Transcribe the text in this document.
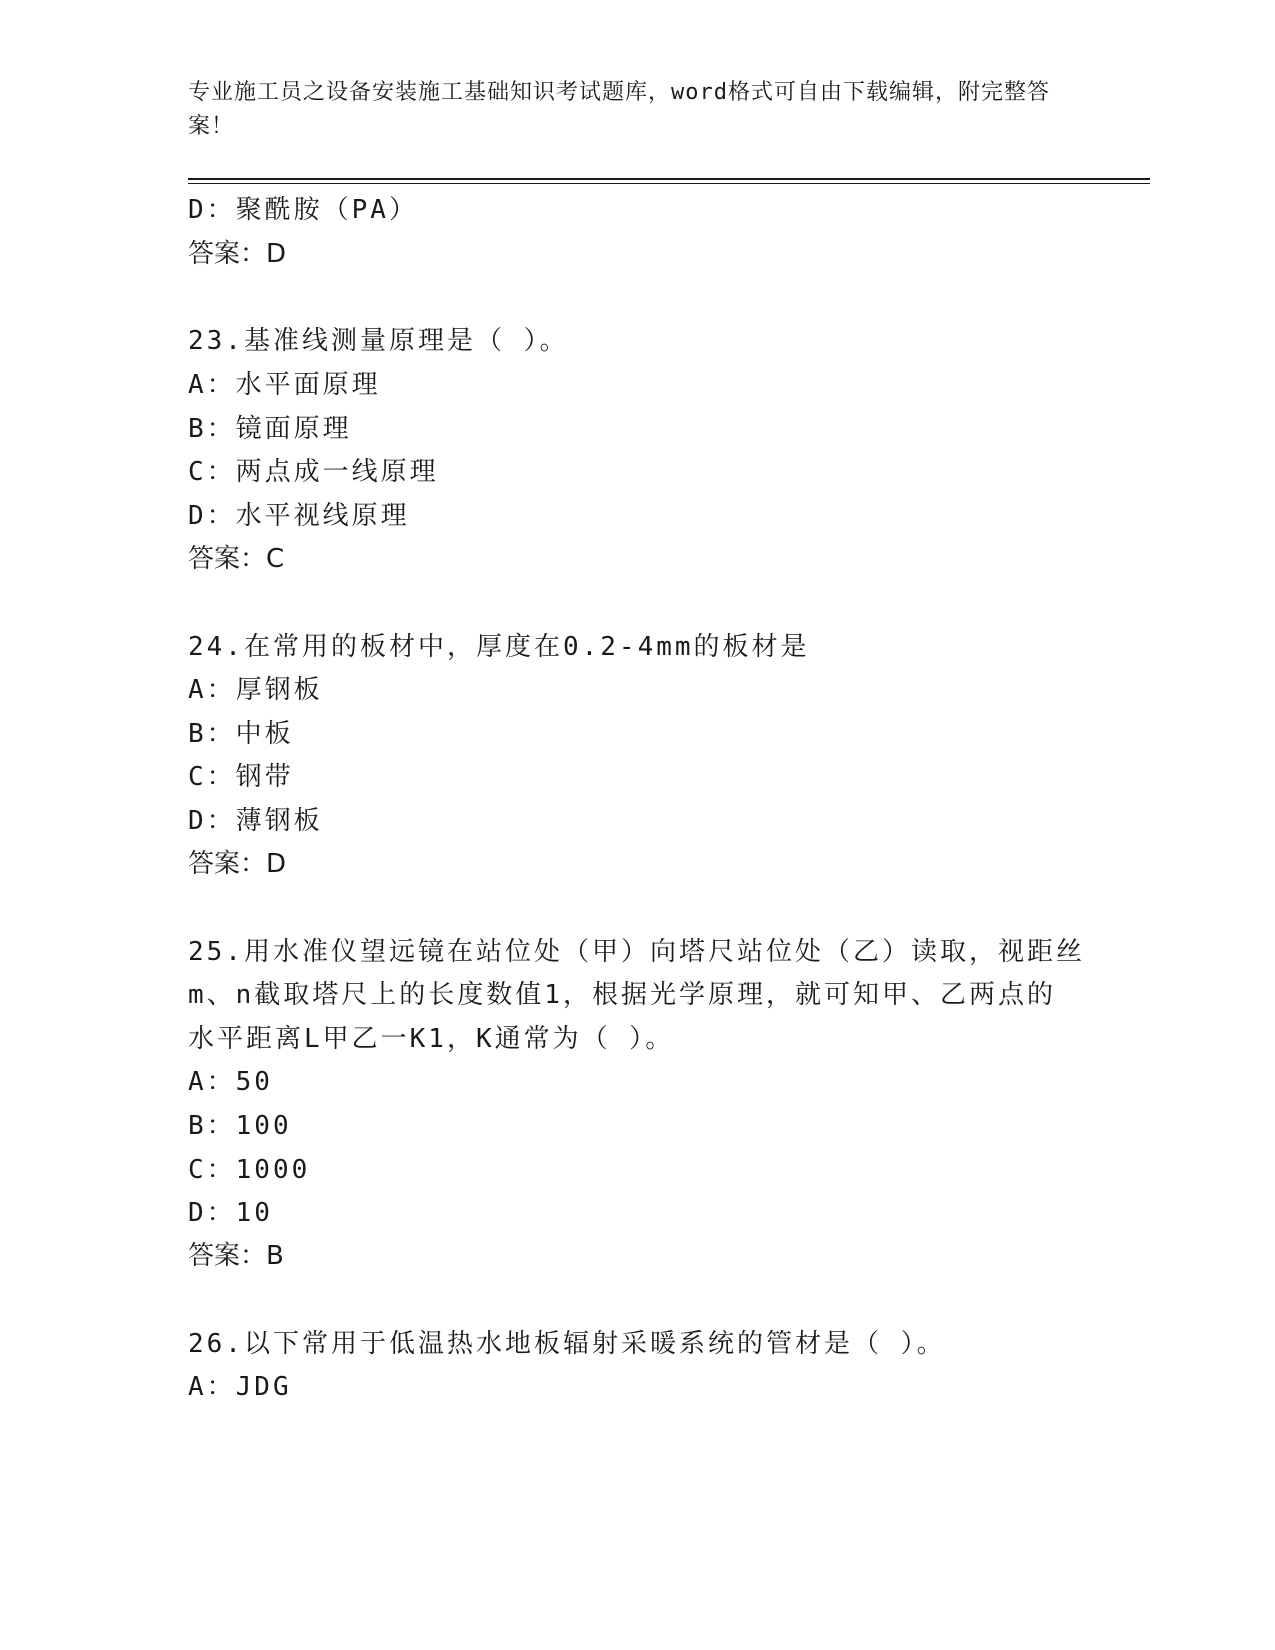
专业施工员之设备安装施工基础知识考试题库，word格式可自由下载编辑，附完整答案！
D：聚酰胺（PA）
答案：D
23.基准线测量原理是（ ）。
A：水平面原理
B：镜面原理
C：两点成一线原理
D：水平视线原理
答案：C
24.在常用的板材中，厚度在0.2-4mm的板材是
A：厚钢板
B：中板
C：钢带
D：薄钢板
答案：D
25.用水准仪望远镜在站位处（甲）向塔尺站位处（乙）读取，视距丝
m、n截取塔尺上的长度数值1，根据光学原理，就可知甲、乙两点的
水平距离L甲乙一K1，K通常为（ ）。
A：50
B：100
C：1000
D：10
答案：B
26.以下常用于低温热水地板辐射采暖系统的管材是（ ）。
A：JDG
